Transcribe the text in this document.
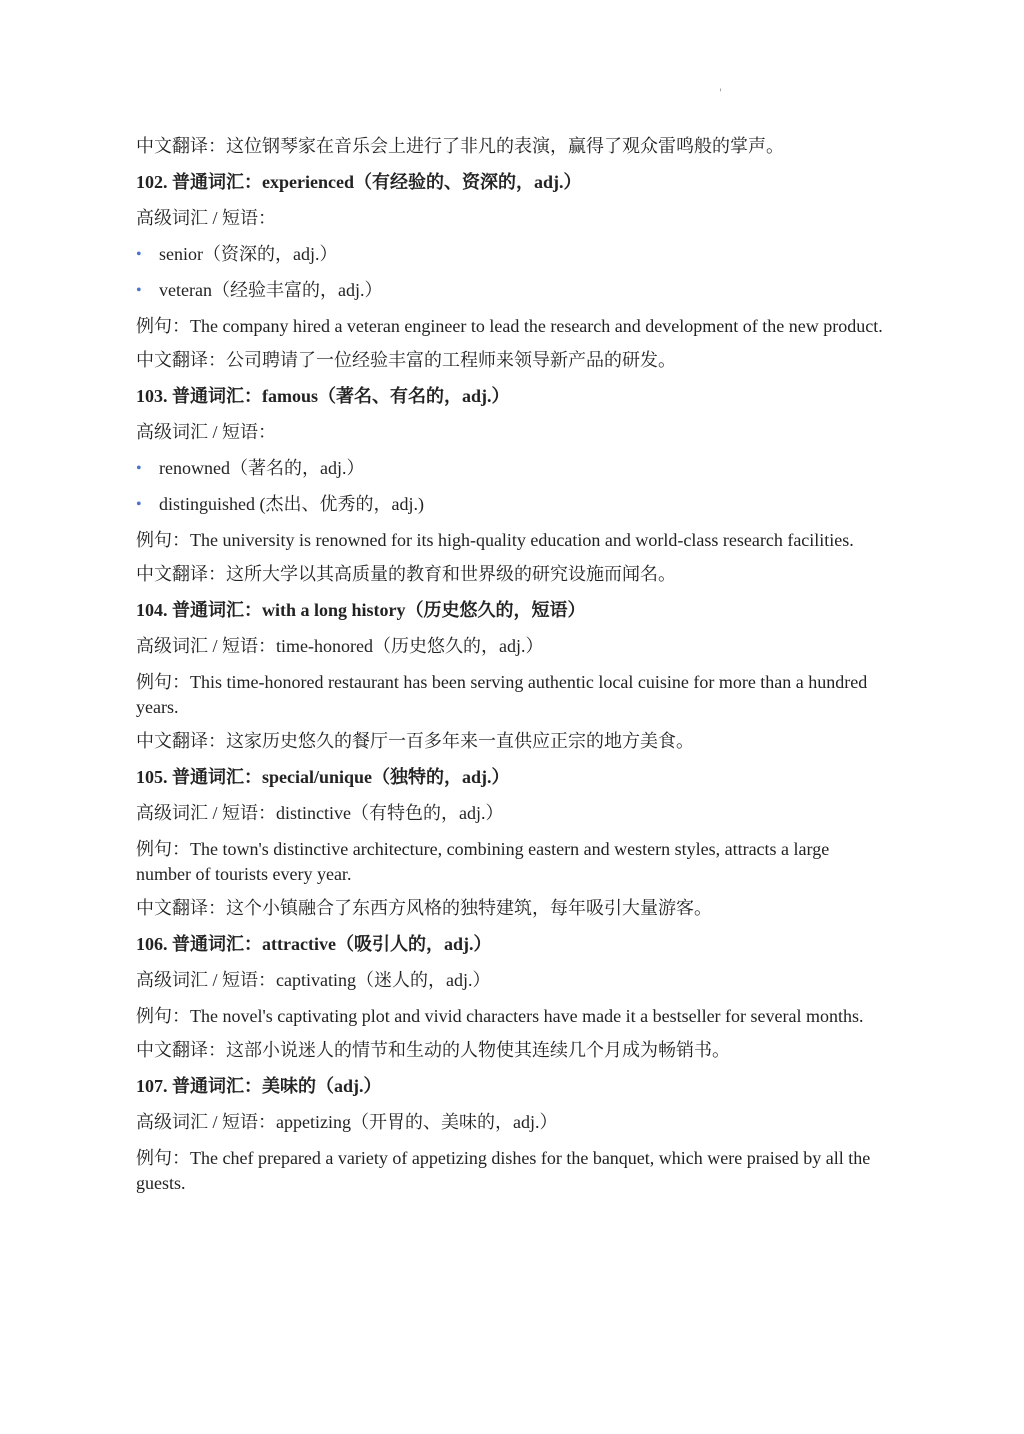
'
中文翻译：这位钢琴家在音乐会上进行了非凡的表演，赢得了观众雷鸣般的掌声。
102. 普通词汇：experienced（有经验的、资深的，adj.）
高级词汇 / 短语：
• senior（资深的，adj.）
• veteran（经验丰富的，adj.）
例句：The company hired a veteran engineer to lead the research and development of the new product.
中文翻译：公司聘请了一位经验丰富的工程师来领导新产品的研发。
103. 普通词汇：famous（著名、有名的，adj.）
高级词汇 / 短语：
• renowned（著名的，adj.）
• distinguished (杰出、优秀的，adj.)
例句：The university is renowned for its high-quality education and world-class research facilities.
中文翻译：这所大学以其高质量的教育和世界级的研究设施而闻名。
104. 普通词汇：with a long history（历史悠久的，短语）
高级词汇 / 短语：time-honored（历史悠久的，adj.）
例句：This time-honored restaurant has been serving authentic local cuisine for more than a hundred years.
中文翻译：这家历史悠久的餐厅一百多年来一直供应正宗的地方美食。
105. 普通词汇：special/unique（独特的，adj.）
高级词汇 / 短语：distinctive（有特色的，adj.）
例句：The town's distinctive architecture, combining eastern and western styles, attracts a large number of tourists every year.
中文翻译：这个小镇融合了东西方风格的独特建筑，每年吸引大量游客。
106. 普通词汇：attractive（吸引人的，adj.）
高级词汇 / 短语：captivating（迷人的，adj.）
例句：The novel's captivating plot and vivid characters have made it a bestseller for several months.
中文翻译：这部小说迷人的情节和生动的人物使其连续几个月成为畅销书。
107. 普通词汇：美味的（adj.）
高级词汇 / 短语：appetizing（开胃的、美味的，adj.）
例句：The chef prepared a variety of appetizing dishes for the banquet, which were praised by all the guests.
